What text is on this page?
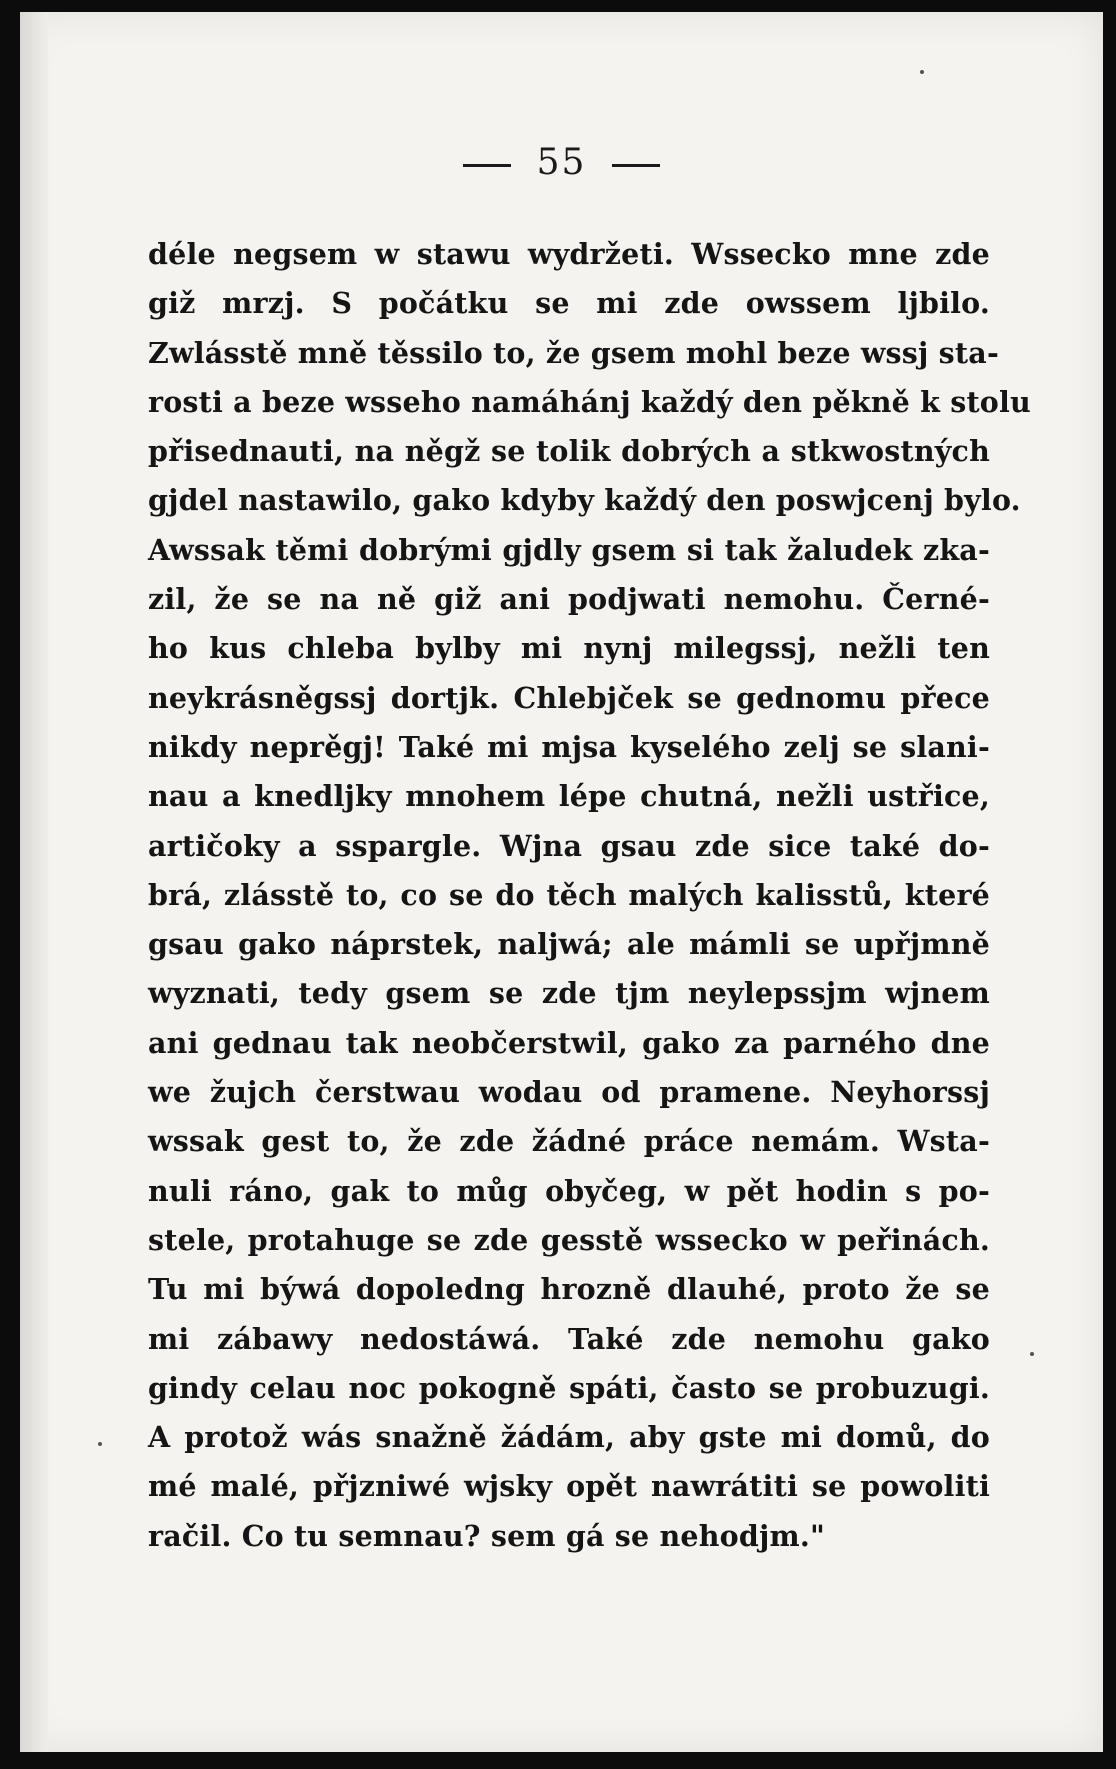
55
déle negsem w stawu wydržeti. Wssecko mne zde
giž mrzj. S počátku se mi zde owssem ljbilo.
Zwlásstě mně těssilo to, že gsem mohl beze wssj sta-
rosti a beze wsseho namáhánj každý den pěkně k stolu
přisednauti, na něgž se tolik dobrých a stkwostných
gjdel nastawilo, gako kdyby každý den poswjcenj bylo.
Awssak těmi dobrými gjdly gsem si tak žaludek zka-
zil, že se na ně giž ani podjwati nemohu. Černé-
ho kus chleba bylby mi nynj milegssj, nežli ten
neykrásněgssj dortjk. Chlebjček se gednomu přece
nikdy neprěgj! Také mi mjsa kyselého zelj se slani-
nau a knedljky mnohem lépe chutná, nežli ustřice,
artičoky a sspargle. Wjna gsau zde sice také do-
brá, zlásstě to, co se do těch malých kalisstů, které
gsau gako náprstek, naljwá; ale mámli se upřjmně
wyznati, tedy gsem se zde tjm neylepssjm wjnem
ani gednau tak neobčerstwil, gako za parného dne
we žujch čerstwau wodau od pramene. Neyhorssj
wssak gest to, že zde žádné práce nemám. Wsta-
nuli ráno, gak to můg obyčeg, w pět hodin s po-
stele, protahuge se zde gesstě wssecko w peřinách.
Tu mi býwá dopoledng hrozně dlauhé, proto že se
mi zábawy nedostáwá. Také zde nemohu gako
gindy celau noc pokogně spáti, často se probuzugi.
A protož wás snažně žádám, aby gste mi domů, do
mé malé, přjzniwé wjsky opět nawrátiti se powoliti
račil. Co tu semnau? sem gá se nehodjm."
